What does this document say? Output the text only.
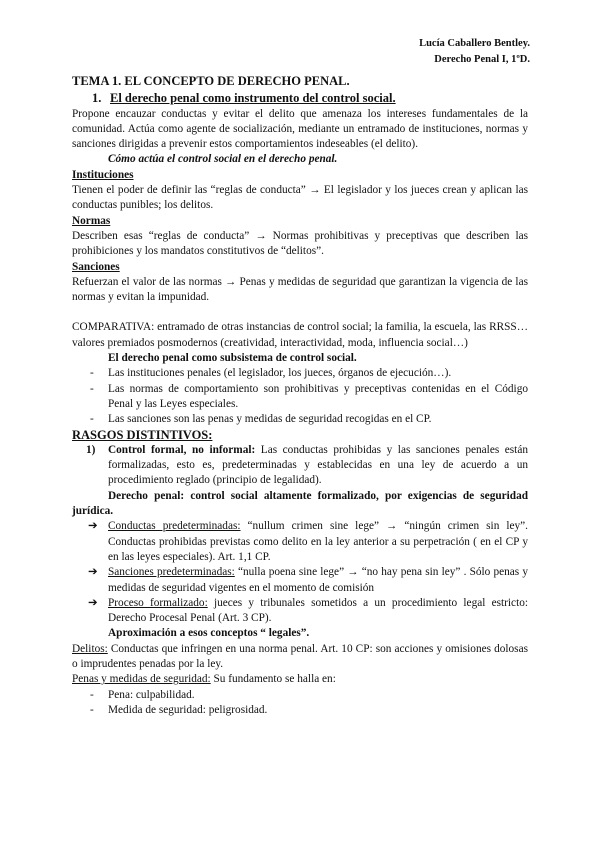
Lucía Caballero Bentley.
Derecho Penal I, 1ºD.

TEMA 1. EL CONCEPTO DE DERECHO PENAL.

1. El derecho penal como instrumento del control social.

Propone encauzar conductas y evitar el delito que amenaza los intereses fundamentales de la comunidad. Actúa como agente de socialización, mediante un entramado de instituciones, normas y sanciones dirigidas a prevenir estos comportamientos indeseables (el delito).

Cómo actúa el control social en el derecho penal.

Instituciones

Tienen el poder de definir las “reglas de conducta” → El legislador y los jueces crean y aplican las conductas punibles; los delitos.

Normas

Describen esas “reglas de conducta” → Normas prohibitivas y preceptivas que describen las prohibiciones y los mandatos constitutivos de “delitos”.

Sanciones

Refuerzan el valor de las normas → Penas y medidas de seguridad que garantizan la vigencia de las normas y evitan la impunidad.

COMPARATIVA: entramado de otras instancias de control social; la familia, la escuela, las RRSS… valores premiados posmodernos (creatividad, interactividad, moda, influencia social…)

El derecho penal como subsistema de control social.

- Las instituciones penales (el legislador, los jueces, órganos de ejecución…).
- Las normas de comportamiento son prohibitivas y preceptivas contenidas en el Código Penal y las Leyes especiales.
- Las sanciones son las penas y medidas de seguridad recogidas en el CP.

RASGOS DISTINTIVOS:

1) Control formal, no informal: Las conductas prohibidas y las sanciones penales están formalizadas, esto es, predeterminadas y establecidas en una ley de acuerdo a un procedimiento reglado (principio de legalidad).

Derecho penal: control social altamente formalizado, por exigencias de seguridad jurídica.

➔ Conductas predeterminadas: “nullum crimen sine lege” → “ningún crimen sin ley”. Conductas prohibidas previstas como delito en la ley anterior a su perpetración ( en el CP y en las leyes especiales). Art. 1,1 CP.
➔ Sanciones predeterminadas: “nulla poena sine lege” → “no hay pena sin ley” . Sólo penas y medidas de seguridad vigentes en el momento de comisión
➔ Proceso formalizado: jueces y tribunales sometidos a un procedimiento legal estricto: Derecho Procesal Penal (Art. 3 CP).

Aproximación a esos conceptos “ legales”.

Delitos: Conductas que infringen en una norma penal. Art. 10 CP: son acciones y omisiones dolosas o imprudentes penadas por la ley.

Penas y medidas de seguridad: Su fundamento se halla en:

- Pena: culpabilidad.
- Medida de seguridad: peligrosidad.
